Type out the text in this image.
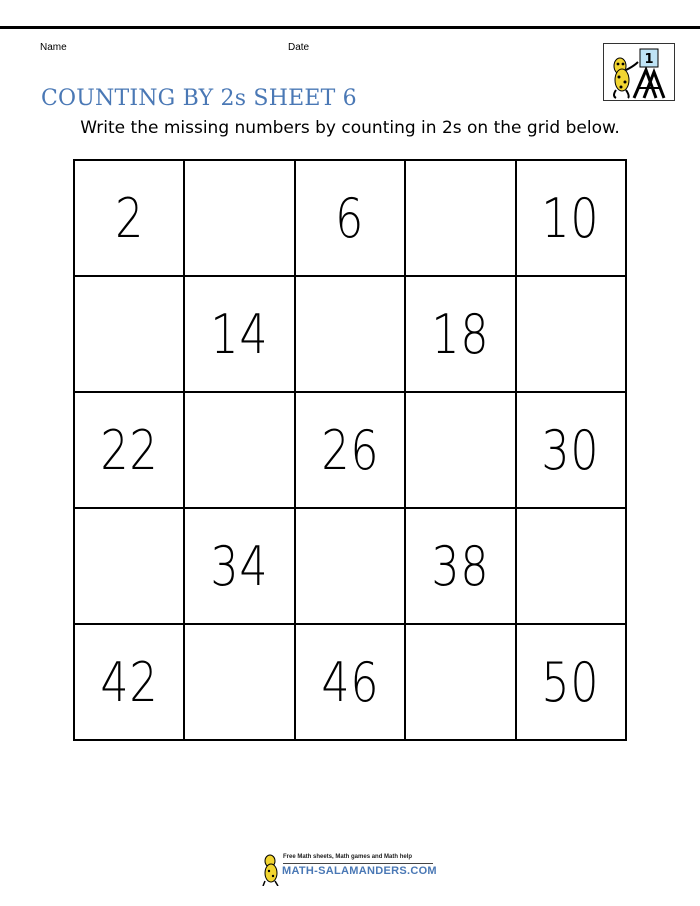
Name	Date
1
COUNTING BY 2s SHEET 6
Write the missing numbers by counting in 2s on the grid below.
2		6		10
	14		18	
22		26		30
	34		38	
42		46		50
Free Math sheets, Math games and Math help
MATH-SALAMANDERS.COM
